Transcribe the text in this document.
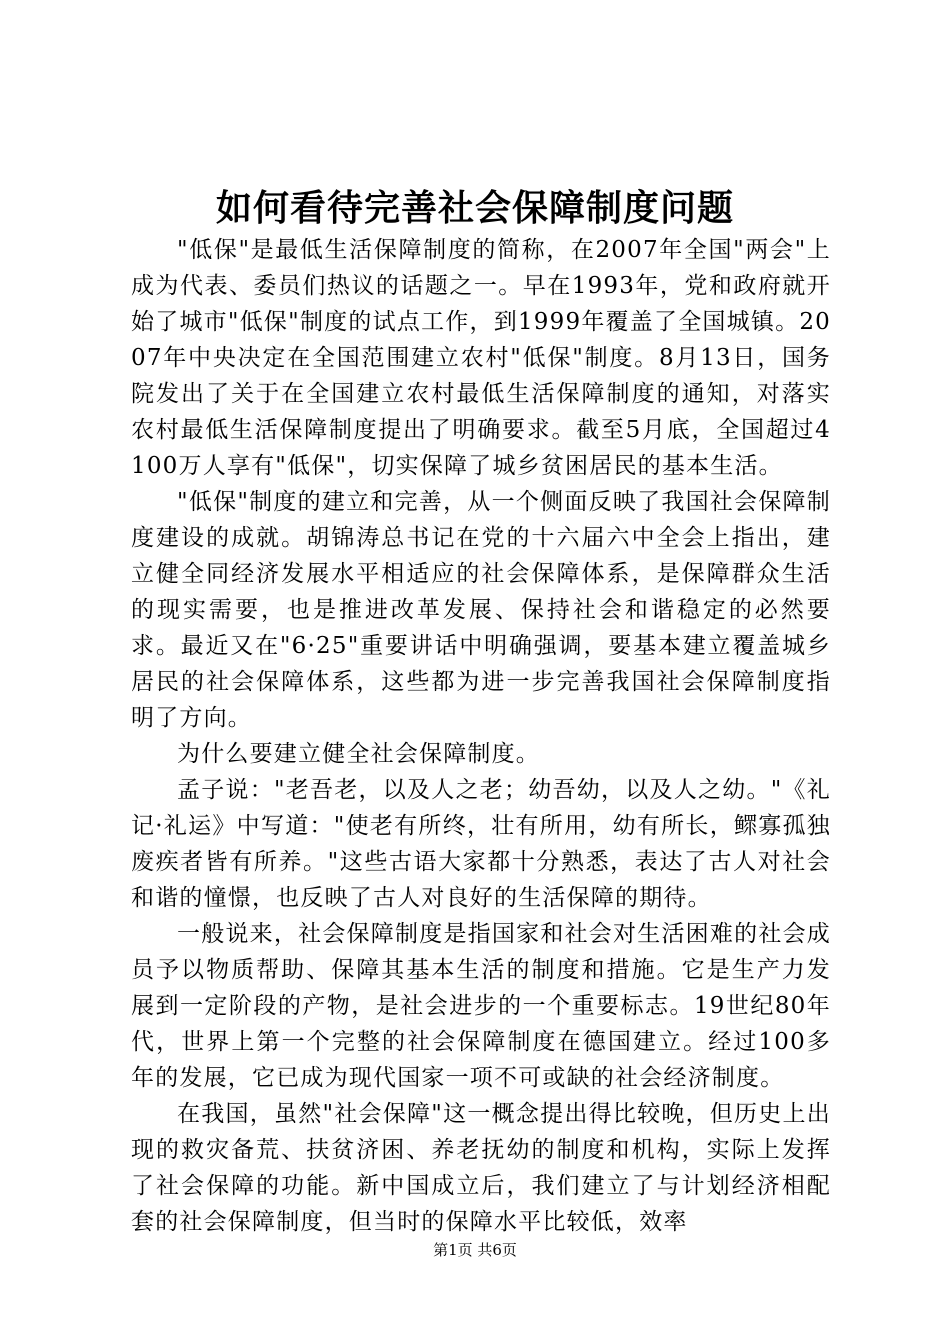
如何看待完善社会保障制度问题

"低保"是最低生活保障制度的简称，在2007年全国"两会"上成为代表、委员们热议的话题之一。早在1993年，党和政府就开始了城市"低保"制度的试点工作，到1999年覆盖了全国城镇。2007年中央决定在全国范围建立农村"低保"制度。8月13日，国务院发出了关于在全国建立农村最低生活保障制度的通知，对落实农村最低生活保障制度提出了明确要求。截至5月底，全国超过4100万人享有"低保"，切实保障了城乡贫困居民的基本生活。

"低保"制度的建立和完善，从一个侧面反映了我国社会保障制度建设的成就。胡锦涛总书记在党的十六届六中全会上指出，建立健全同经济发展水平相适应的社会保障体系，是保障群众生活的现实需要，也是推进改革发展、保持社会和谐稳定的必然要求。最近又在"6·25"重要讲话中明确强调，要基本建立覆盖城乡居民的社会保障体系，这些都为进一步完善我国社会保障制度指明了方向。

为什么要建立健全社会保障制度。

孟子说："老吾老，以及人之老；幼吾幼，以及人之幼。"《礼记·礼运》中写道："使老有所终，壮有所用，幼有所长，鳏寡孤独废疾者皆有所养。"这些古语大家都十分熟悉，表达了古人对社会和谐的憧憬，也反映了古人对良好的生活保障的期待。

一般说来，社会保障制度是指国家和社会对生活困难的社会成员予以物质帮助、保障其基本生活的制度和措施。它是生产力发展到一定阶段的产物，是社会进步的一个重要标志。19世纪80年代，世界上第一个完整的社会保障制度在德国建立。经过100多年的发展，它已成为现代国家一项不可或缺的社会经济制度。

在我国，虽然"社会保障"这一概念提出得比较晚，但历史上出现的救灾备荒、扶贫济困、养老抚幼的制度和机构，实际上发挥了社会保障的功能。新中国成立后，我们建立了与计划经济相配套的社会保障制度，但当时的保障水平比较低，效率

第1页 共6页
